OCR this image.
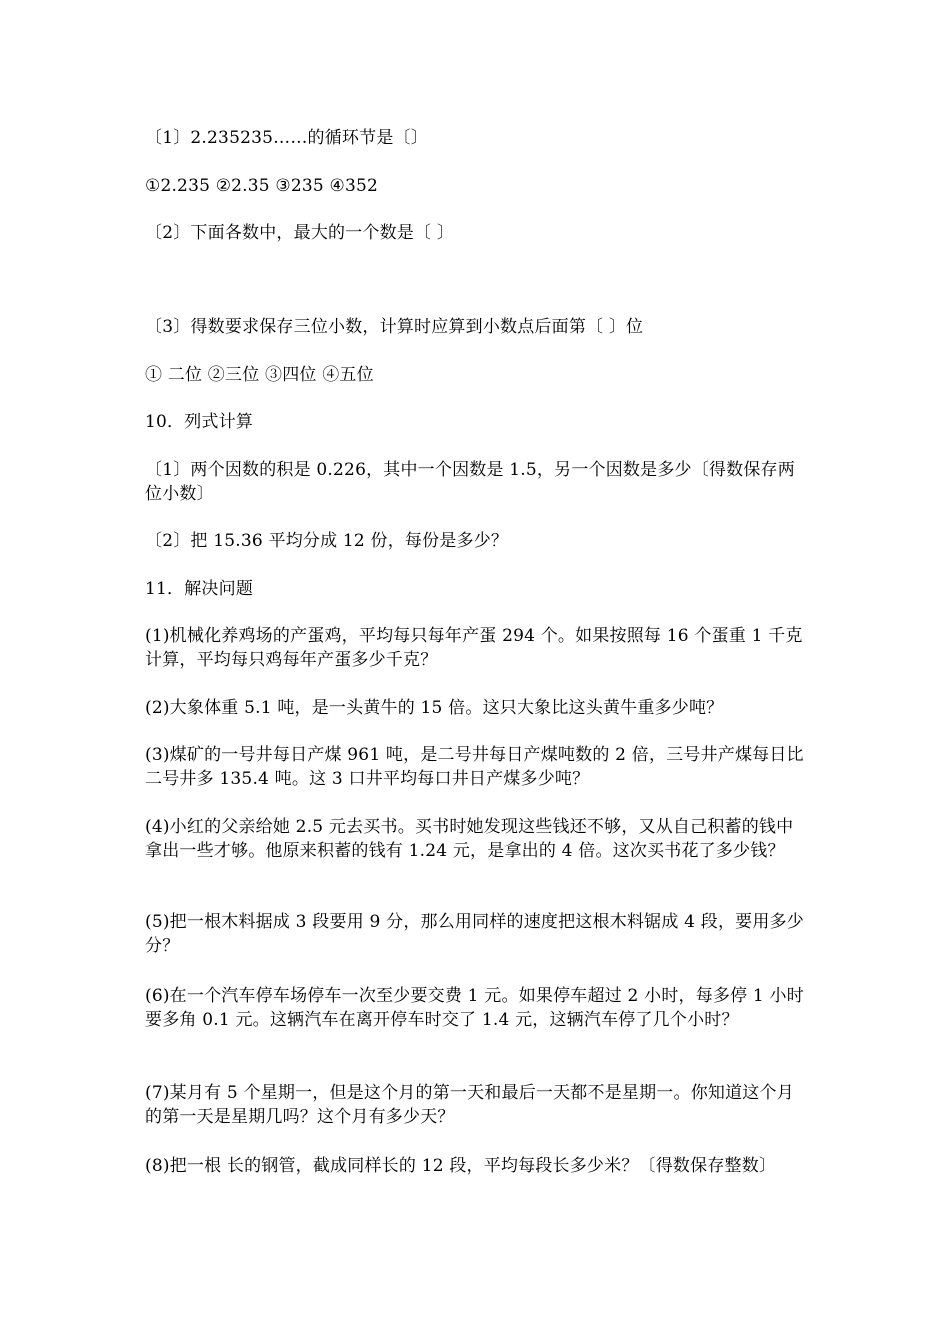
〔1〕2.235235……的循环节是〔〕

①2.235 ②2.35 ③235 ④352

〔2〕下面各数中，最大的一个数是〔 〕

〔3〕得数要求保存三位小数，计算时应算到小数点后面第〔 〕位

① 二位 ②三位 ③四位 ④五位

10．列式计算

〔1〕两个因数的积是 0.226，其中一个因数是 1.5，另一个因数是多少〔得数保存两位小数〕

〔2〕把 15.36 平均分成 12 份，每份是多少？

11．解决问题

(1)机械化养鸡场的产蛋鸡，平均每只每年产蛋 294 个。如果按照每 16 个蛋重 1 千克计算，平均每只鸡每年产蛋多少千克？

(2)大象体重 5.1 吨，是一头黄牛的 15 倍。这只大象比这头黄牛重多少吨？

(3)煤矿的一号井每日产煤 961 吨，是二号井每日产煤吨数的 2 倍，三号井产煤每日比二号井多 135.4 吨。这 3 口井平均每口井日产煤多少吨？

(4)小红的父亲给她 2.5 元去买书。买书时她发现这些钱还不够，又从自己积蓄的钱中拿出一些才够。他原来积蓄的钱有 1.24 元，是拿出的 4 倍。这次买书花了多少钱？

(5)把一根木料据成 3 段要用 9 分，那么用同样的速度把这根木料锯成 4 段，要用多少分？

(6)在一个汽车停车场停车一次至少要交费 1 元。如果停车超过 2 小时，每多停 1 小时要多角 0.1 元。这辆汽车在离开停车时交了 1.4 元，这辆汽车停了几个小时？

(7)某月有 5 个星期一，但是这个月的第一天和最后一天都不是星期一。你知道这个月的第一天是星期几吗？这个月有多少天？

(8)把一根 长的钢管，截成同样长的 12 段，平均每段长多少米？〔得数保存整数〕
